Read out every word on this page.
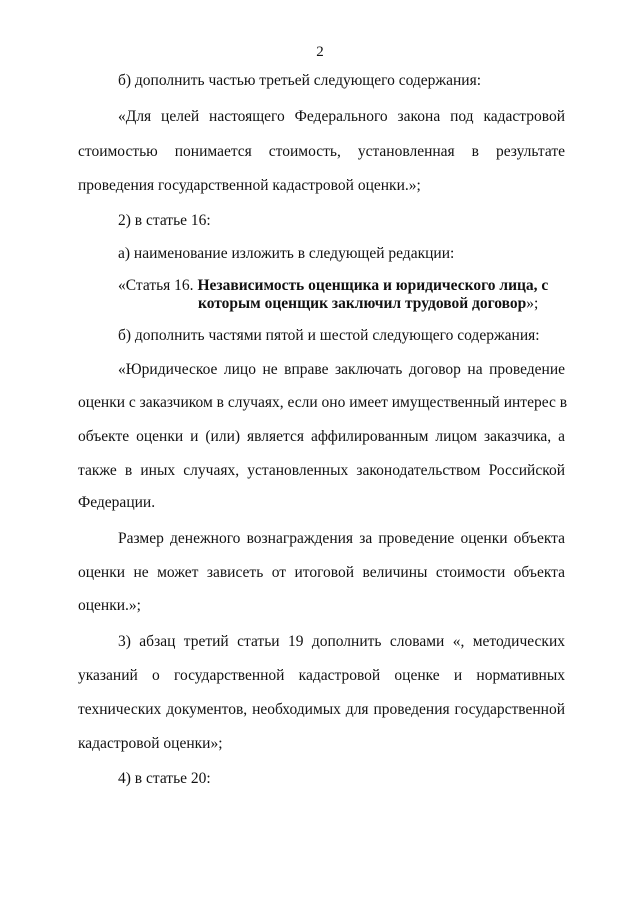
2
б) дополнить частью третьей следующего содержания:
«Для целей настоящего Федерального закона под кадастровой
стоимостью понимается стоимость, установленная в результате
проведения государственной кадастровой оценки.»;
2) в статье 16:
а) наименование изложить в следующей редакции:
«Статья 16. Независимость оценщика и юридического лица, с
которым оценщик заключил трудовой договор»;
б) дополнить частями пятой и шестой следующего содержания:
«Юридическое лицо не вправе заключать договор на проведение
оценки с заказчиком в случаях, если оно имеет имущественный интерес в
объекте оценки и (или) является аффилированным лицом заказчика, а
также в иных случаях, установленных законодательством Российской
Федерации.
Размер денежного вознаграждения за проведение оценки объекта
оценки не может зависеть от итоговой величины стоимости объекта
оценки.»;
3) абзац третий статьи 19 дополнить словами «, методических
указаний о государственной кадастровой оценке и нормативных
технических документов, необходимых для проведения государственной
кадастровой оценки»;
4) в статье 20:
